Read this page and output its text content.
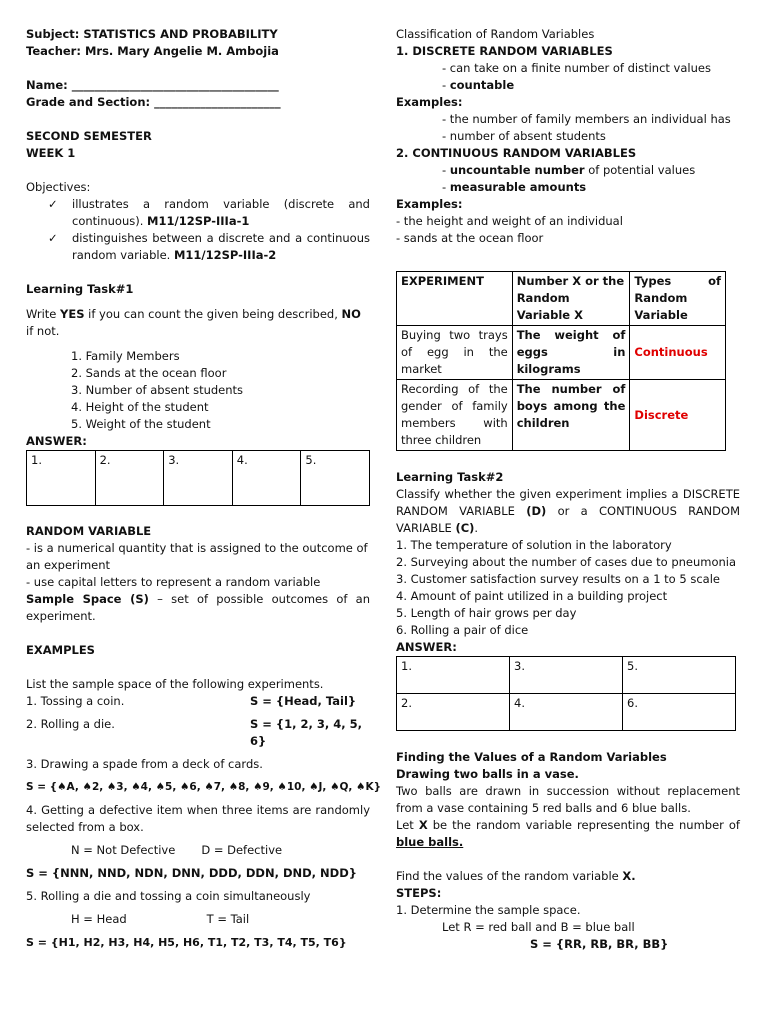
Subject: STATISTICS AND PROBABILITY
Teacher: Mrs. Mary Angelie M. Ambojia
Name: ____________________________________
Grade and Section: ______________________
SECOND SEMESTER
WEEK 1
Objectives:
✓	illustrates a random variable (discrete and continuous). M11/12SP-IIIa-1
✓	distinguishes between a discrete and a continuous random variable. M11/12SP-IIIa-2
Learning Task#1
Write YES if you can count the given being described, NO if not.
1. Family Members
2. Sands at the ocean floor
3. Number of absent students
4. Height of the student
5. Weight of the student
ANSWER:
1.	2.	3.	4.	5.
RANDOM VARIABLE
- is a numerical quantity that is assigned to the outcome of an experiment
- use capital letters to represent a random variable
Sample Space (S) – set of possible outcomes of an experiment.
EXAMPLES
List the sample space of the following experiments.
1. Tossing a coin.	S = {Head, Tail}
2. Rolling a die.	S = {1, 2, 3, 4, 5, 6}
3. Drawing a spade from a deck of cards.
S = {♠A, ♠2, ♠3, ♠4, ♠5, ♠6, ♠7, ♠8, ♠9, ♠10, ♠J, ♠Q, ♠K}
4. Getting a defective item when three items are randomly selected from a box.
N = Not Defective D = Defective
S = {NNN, NND, NDN, DNN, DDD, DDN, DND, NDD}
5. Rolling a die and tossing a coin simultaneously
H = Head	T = Tail
S = {H1, H2, H3, H4, H5, H6, T1, T2, T3, T4, T5, T6}
Classification of Random Variables
1. DISCRETE RANDOM VARIABLES
- can take on a finite number of distinct values
- countable
Examples:
- the number of family members an individual has
- number of absent students
2. CONTINUOUS RANDOM VARIABLES
- uncountable number of potential values
- measurable amounts
Examples:
- the height and weight of an individual
- sands at the ocean floor
EXPERIMENT	Number X or the Random Variable X	Types of Random Variable
Buying two trays of egg in the market	The weight of eggs in kilograms	Continuous
Recording of the gender of family members with three children	The number of boys among the children	Discrete
Learning Task#2
Classify whether the given experiment implies a DISCRETE RANDOM VARIABLE (D) or a CONTINUOUS RANDOM VARIABLE (C).
1. The temperature of solution in the laboratory
2. Surveying about the number of cases due to pneumonia
3. Customer satisfaction survey results on a 1 to 5 scale
4. Amount of paint utilized in a building project
5. Length of hair grows per day
6. Rolling a pair of dice
ANSWER:
1.	3.	5.
2.	4.	6.
Finding the Values of a Random Variables
Drawing two balls in a vase.
Two balls are drawn in succession without replacement from a vase containing 5 red balls and 6 blue balls.
Let X be the random variable representing the number of blue balls.
Find the values of the random variable X.
STEPS:
1. Determine the sample space.
Let R = red ball and B = blue ball
S = {RR, RB, BR, BB}
